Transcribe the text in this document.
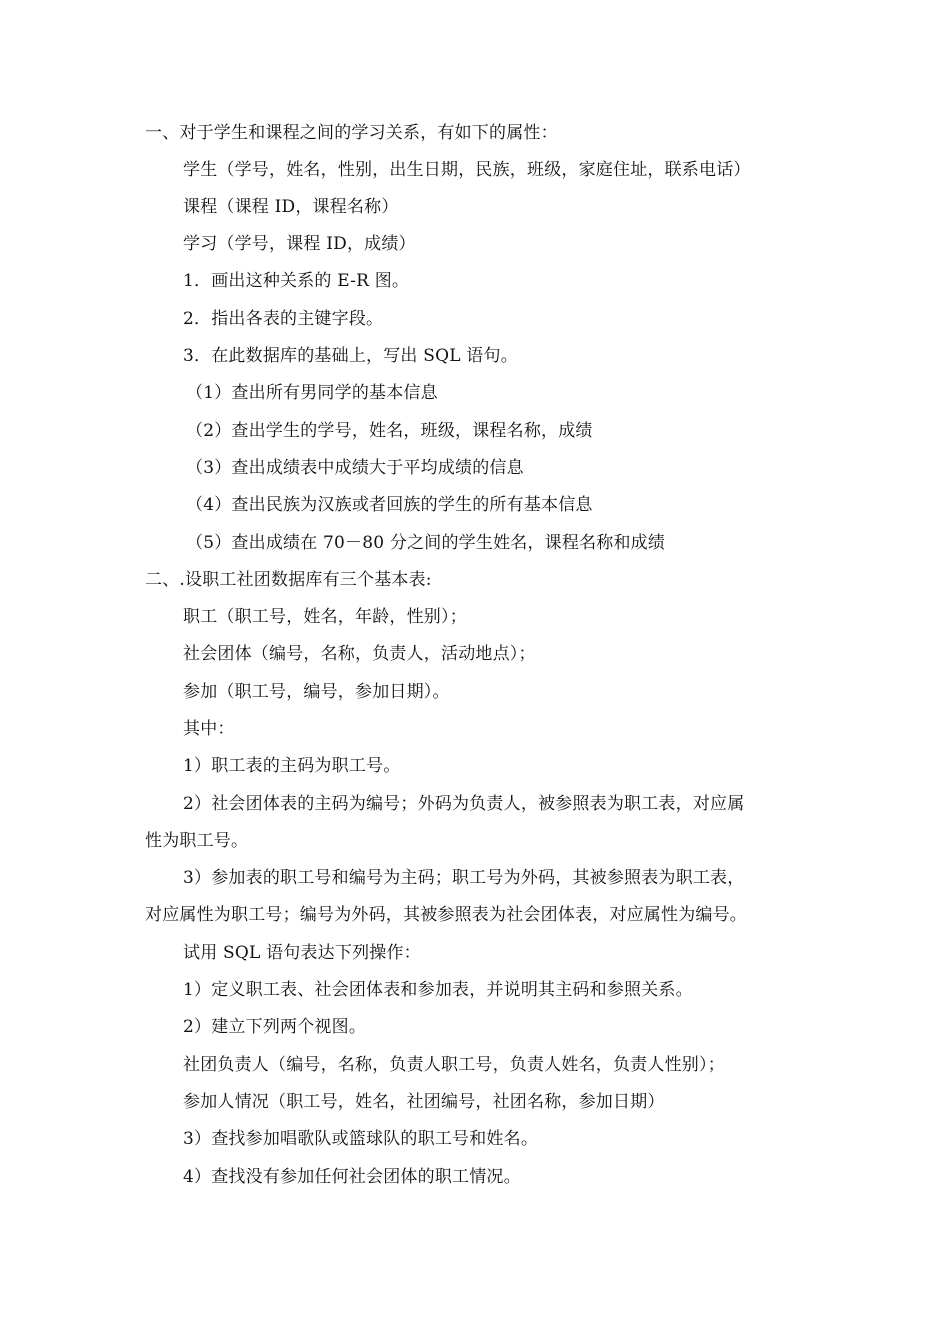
一、对于学生和课程之间的学习关系，有如下的属性：
学生（学号，姓名，性别，出生日期，民族，班级，家庭住址，联系电话）
课程（课程 ID，课程名称）
学习（学号，课程 ID，成绩）
1．画出这种关系的 E-R 图。
2．指出各表的主键字段。
3．在此数据库的基础上，写出 SQL 语句。
（1）查出所有男同学的基本信息
（2）查出学生的学号，姓名，班级，课程名称，成绩
（3）查出成绩表中成绩大于平均成绩的信息
（4）查出民族为汉族或者回族的学生的所有基本信息
（5）查出成绩在 70－80 分之间的学生姓名，课程名称和成绩
二、.设职工社团数据库有三个基本表:
职工（职工号，姓名，年龄，性别）；
社会团体（编号，名称，负责人，活动地点）；
参加（职工号，编号，参加日期）。
其中：
1）职工表的主码为职工号。
2）社会团体表的主码为编号；外码为负责人，被参照表为职工表，对应属
性为职工号。
3）参加表的职工号和编号为主码；职工号为外码，其被参照表为职工表，
对应属性为职工号；编号为外码，其被参照表为社会团体表，对应属性为编号。
试用 SQL 语句表达下列操作：
1）定义职工表、社会团体表和参加表，并说明其主码和参照关系。
2）建立下列两个视图。
社团负责人（编号，名称，负责人职工号，负责人姓名，负责人性别）；
参加人情况（职工号，姓名，社团编号，社团名称，参加日期）
3）查找参加唱歌队或篮球队的职工号和姓名。
4）查找没有参加任何社会团体的职工情况。
